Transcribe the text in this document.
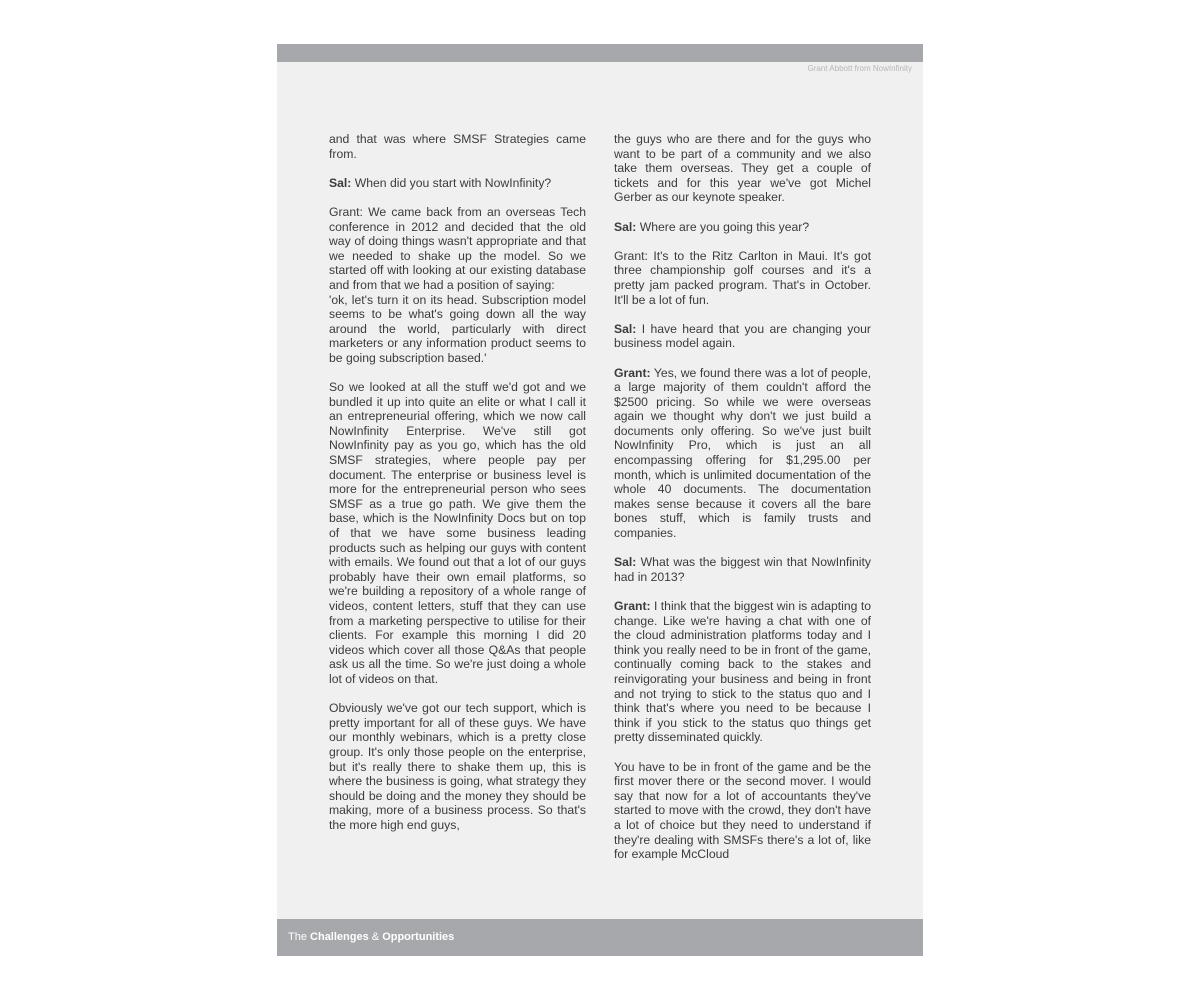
Grant Abbott from NowInfinity

and that was where SMSF Strategies came from.

Sal: When did you start with NowInfinity?

Grant: We came back from an overseas Tech conference in 2012 and decided that the old way of doing things wasn't appropriate and that we needed to shake up the model. So we started off with looking at our existing database and from that we had a position of saying:

'ok, let's turn it on its head. Subscription model seems to be what's going down all the way around the world, particularly with direct marketers or any information product seems to be going subscription based.'

So we looked at all the stuff we'd got and we bundled it up into quite an elite or what I call it an entrepreneurial offering, which we now call NowInfinity Enterprise. We've still got NowInfinity pay as you go, which has the old SMSF strategies, where people pay per document. The enterprise or business level is more for the entrepreneurial person who sees SMSF as a true go path. We give them the base, which is the NowInfinity Docs but on top of that we have some business leading products such as helping our guys with content with emails. We found out that a lot of our guys probably have their own email platforms, so we're building a repository of a whole range of videos, content letters, stuff that they can use from a marketing perspective to utilise for their clients. For example this morning I did 20 videos which cover all those Q&As that people ask us all the time. So we're just doing a whole lot of videos on that.

Obviously we've got our tech support, which is pretty important for all of these guys. We have our monthly webinars, which is a pretty close group. It's only those people on the enterprise, but it's really there to shake them up, this is where the business is going, what strategy they should be doing and the money they should be making, more of a business process. So that's the more high end guys,

the guys who are there and for the guys who want to be part of a community and we also take them overseas. They get a couple of tickets and for this year we've got Michel Gerber as our keynote speaker.

Sal: Where are you going this year?

Grant: It's to the Ritz Carlton in Maui. It's got three championship golf courses and it's a pretty jam packed program. That's in October. It'll be a lot of fun.

Sal: I have heard that you are changing your business model again.

Grant: Yes, we found there was a lot of people, a large majority of them couldn't afford the $2500 pricing. So while we were overseas again we thought why don't we just build a documents only offering. So we've just built NowInfinity Pro, which is just an all encompassing offering for $1,295.00 per month, which is unlimited documentation of the whole 40 documents. The documentation makes sense because it covers all the bare bones stuff, which is family trusts and companies.

Sal: What was the biggest win that NowInfinity had in 2013?

Grant: I think that the biggest win is adapting to change. Like we're having a chat with one of the cloud administration platforms today and I think you really need to be in front of the game, continually coming back to the stakes and reinvigorating your business and being in front and not trying to stick to the status quo and I think that's where you need to be because I think if you stick to the status quo things get pretty disseminated quickly.

You have to be in front of the game and be the first mover there or the second mover. I would say that now for a lot of accountants they've started to move with the crowd, they don't have a lot of choice but they need to understand if they're dealing with SMSFs there's a lot of, like for example McCloud

The Challenges & Opportunities
